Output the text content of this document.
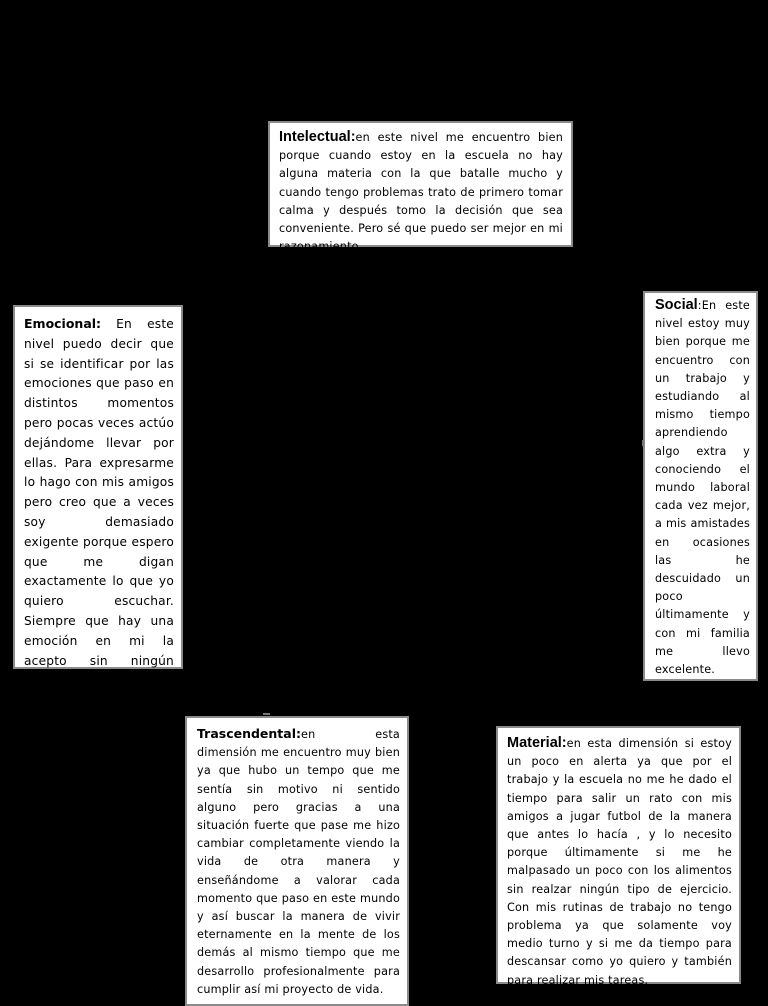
Intelectual:en este nivel me encuentro bien porque cuando estoy en la escuela no hay alguna materia con la que batalle mucho y cuando tengo problemas trato de primero tomar calma y después tomo la decisión que sea conveniente. Pero sé que puedo ser mejor en mi razonamiento.
Emocional: En este nivel puedo decir que si se identificar por las emociones que paso en distintos momentos pero pocas veces actúo dejándome llevar por ellas. Para expresarme lo hago con mis amigos pero creo que a veces soy demasiado exigente porque espero que me digan exactamente lo que yo quiero escuchar. Siempre que hay una emoción en mi la acepto sin ningún problema
Social:En este nivel estoy muy bien porque me encuentro con un trabajo y estudiando al mismo tiempo aprendiendo algo extra y conociendo el mundo laboral cada vez mejor, a mis amistades en ocasiones las he descuidado un poco últimamente y con mi familia me llevo excelente.
Trascendental:en esta dimensión me encuentro muy bien ya que hubo un tempo que me sentía sin motivo ni sentido alguno pero gracias a una situación fuerte que pase me hizo cambiar completamente viendo la vida de otra manera y enseñándome a valorar cada momento que paso en este mundo y así buscar la manera de vivir eternamente en la mente de los demás al mismo tiempo que me desarrollo profesionalmente para cumplir así mi proyecto de vida.
Material:en esta dimensión si estoy un poco en alerta ya que por el trabajo y la escuela no me he dado el tiempo para salir un rato con mis amigos a jugar futbol de la manera que antes lo hacía , y lo necesito porque últimamente si me he malpasado un poco con los alimentos sin realzar ningún tipo de ejercicio. Con mis rutinas de trabajo no tengo problema ya que solamente voy medio turno y si me da tiempo para descansar como yo quiero y también para realizar mis tareas.
